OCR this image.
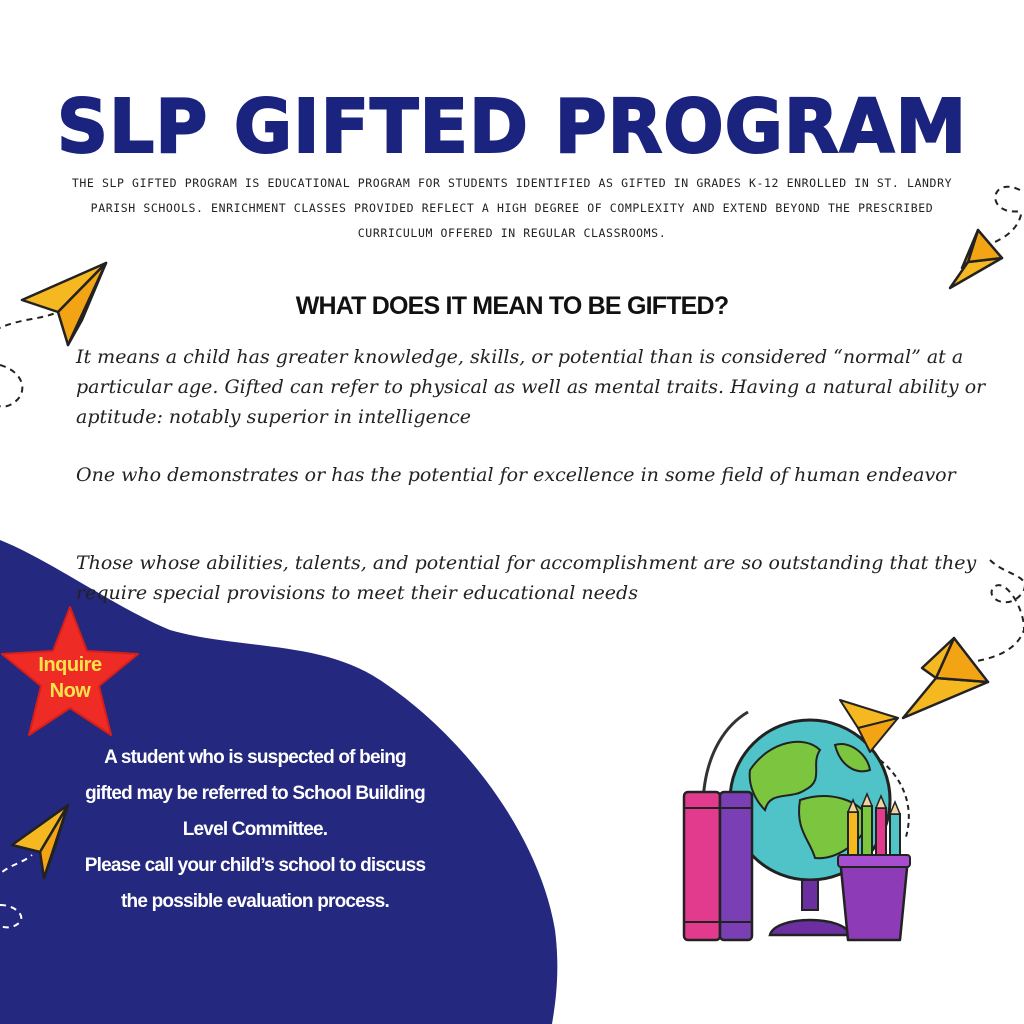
SLP GIFTED PROGRAM

THE SLP GIFTED PROGRAM IS EDUCATIONAL PROGRAM FOR STUDENTS IDENTIFIED AS GIFTED IN GRADES K-12 ENROLLED IN ST. LANDRY PARISH SCHOOLS. ENRICHMENT CLASSES PROVIDED REFLECT A HIGH DEGREE OF COMPLEXITY AND EXTEND BEYOND THE PRESCRIBED CURRICULUM OFFERED IN REGULAR CLASSROOMS.

WHAT DOES IT MEAN TO BE GIFTED?

It means a child has greater knowledge, skills, or potential than is considered “normal” at a particular age. Gifted can refer to physical as well as mental traits. Having a natural ability or aptitude: notably superior in intelligence

One who demonstrates or has the potential for excellence in some field of human endeavor

Those whose abilities, talents, and potential for accomplishment are so outstanding that they require special provisions to meet their educational needs

Inquire
Now

A student who is suspected of being
gifted may be referred to School Building
Level Committee.
Please call your child’s school to discuss
the possible evaluation process.
